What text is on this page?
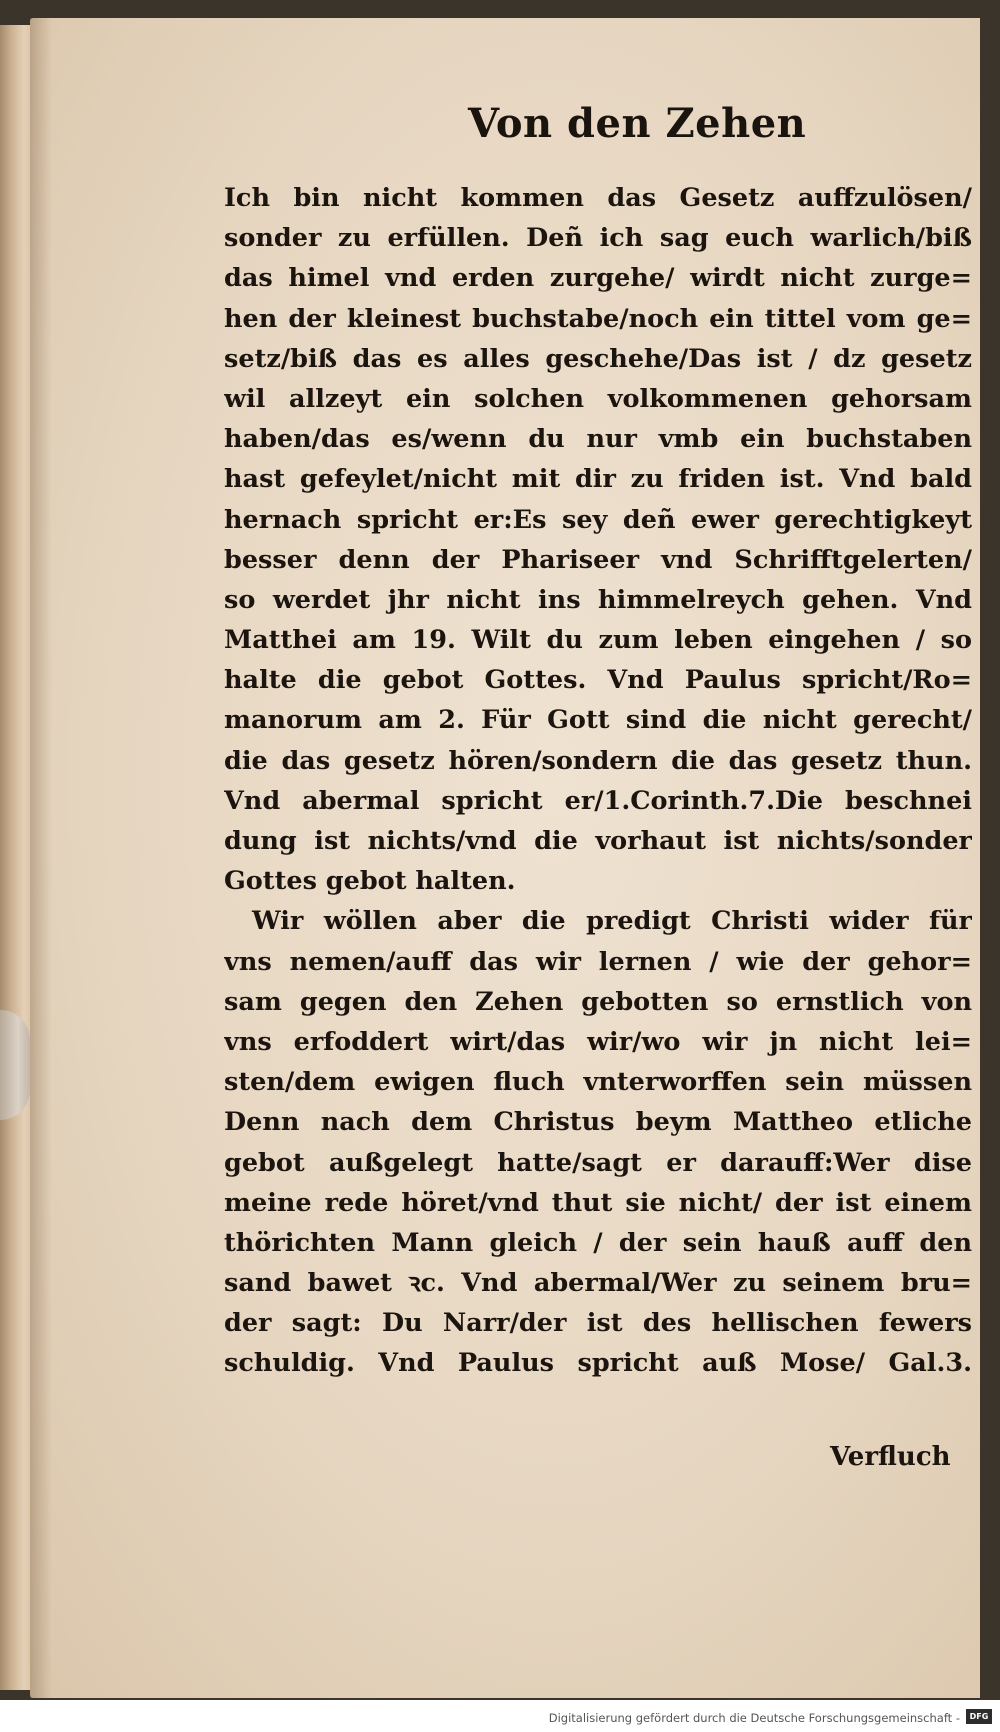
Von den Zehen
Ich bin nicht kommen das Gesetz auffzulösen/
sonder zu erfüllen. Deñ ich sag euch warlich/biß
das himel vnd erden zurgehe/ wirdt nicht zurge=
hen der kleinest buchstabe/noch ein tittel vom ge=
setz/biß das es alles geschehe/Das ist / dz gesetz
wil allzeyt ein solchen volkommenen gehorsam
haben/das es/wenn du nur vmb ein buchstaben
hast gefeylet/nicht mit dir zu friden ist. Vnd bald
hernach spricht er:Es sey deñ ewer gerechtigkeyt
besser denn der Phariseer vnd Schrifftgelerten/
so werdet jhr nicht ins himmelreych gehen. Vnd
Matthei am 19. Wilt du zum leben eingehen / so
halte die gebot Gottes. Vnd Paulus spricht/Ro=
manorum am 2. Für Gott sind die nicht gerecht/
die das gesetz hören/sondern die das gesetz thun.
Vnd abermal spricht er/1.Corinth.7.Die beschnei
dung ist nichts/vnd die vorhaut ist nichts/sonder
Gottes gebot halten.
Wir wöllen aber die predigt Christi wider für
vns nemen/auff das wir lernen / wie der gehor=
sam gegen den Zehen gebotten so ernstlich von
vns erfoddert wirt/das wir/wo wir jn nicht lei=
sten/dem ewigen fluch vnterworffen sein müssen
Denn nach dem Christus beym Mattheo etliche
gebot außgelegt hatte/sagt er darauff:Wer dise
meine rede höret/vnd thut sie nicht/ der ist einem
thörichten Mann gleich / der sein hauß auff den
sand bawet ꝛc. Vnd abermal/Wer zu seinem bru=
der sagt: Du Narr/der ist des hellischen fewers
schuldig. Vnd Paulus spricht auß Mose/ Gal.3.
Verfluch
Digitalisierung gefördert durch die Deutsche Forschungsgemeinschaft -	DFG
